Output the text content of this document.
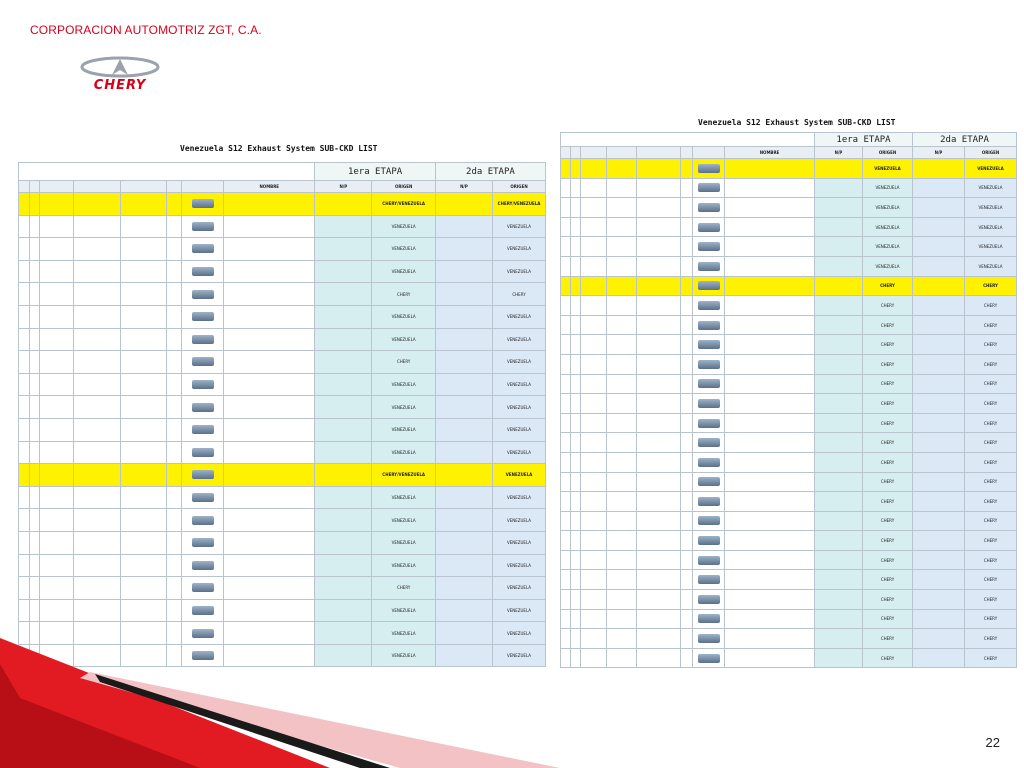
CORPORACION AUTOMOTRIZ ZGT, C.A.
CHERY
Venezuela S12 Exhaust System SUB-CKD LIST
								1era ETAPA		2da ETAPA	
							NOMBRE	N/P	ORIGEN	N/P	ORIGEN
									CHERY/VENEZUELA		CHERY/VENEZUELA
									VENEZUELA		VENEZUELA
									VENEZUELA		VENEZUELA
									VENEZUELA		VENEZUELA
									CHERY		CHERY
									VENEZUELA		VENEZUELA
									VENEZUELA		VENEZUELA
									CHERY		VENEZUELA
									VENEZUELA		VENEZUELA
									VENEZUELA		VENEZUELA
									VENEZUELA		VENEZUELA
									VENEZUELA		VENEZUELA
									CHERY/VENEZUELA		VENEZUELA
									VENEZUELA		VENEZUELA
									VENEZUELA		VENEZUELA
									VENEZUELA		VENEZUELA
									VENEZUELA		VENEZUELA
									CHERY		VENEZUELA
									VENEZUELA		VENEZUELA
									VENEZUELA		VENEZUELA
									VENEZUELA		VENEZUELA
Venezuela S12 Exhaust System SUB-CKD LIST
								1era ETAPA		2da ETAPA	
							NOMBRE	N/P	ORIGEN	N/P	ORIGEN
									VENEZUELA		VENEZUELA
									VENEZUELA		VENEZUELA
									VENEZUELA		VENEZUELA
									VENEZUELA		VENEZUELA
									VENEZUELA		VENEZUELA
									VENEZUELA		VENEZUELA
									CHERY		CHERY
									CHERY		CHERY
									CHERY		CHERY
									CHERY		CHERY
									CHERY		CHERY
									CHERY		CHERY
									CHERY		CHERY
									CHERY		CHERY
									CHERY		CHERY
									CHERY		CHERY
									CHERY		CHERY
									CHERY		CHERY
									CHERY		CHERY
									CHERY		CHERY
									CHERY		CHERY
									CHERY		CHERY
									CHERY		CHERY
									CHERY		CHERY
									CHERY		CHERY
									CHERY		CHERY
22
